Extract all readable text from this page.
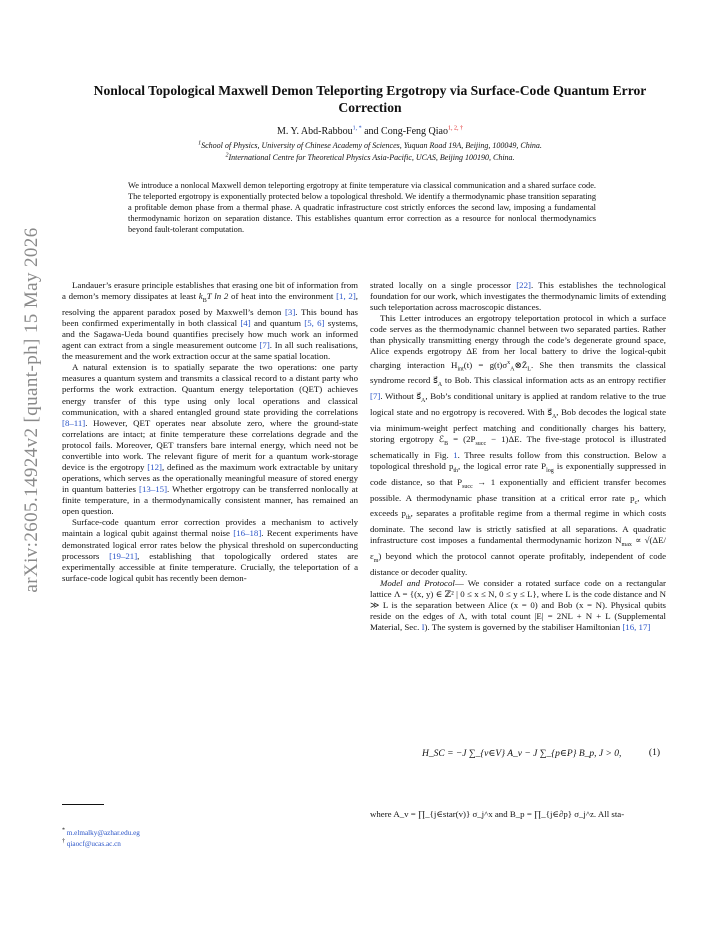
arXiv:2605.14924v2 [quant-ph] 15 May 2026
Nonlocal Topological Maxwell Demon Teleporting Ergotropy via Surface-Code Quantum Error Correction
M. Y. Abd-Rabbou$^{1, *}$ and Cong-Feng Qiao$^{1, 2, \dagger}$
$^1$School of Physics, University of Chinese Academy of Sciences, Yuquan Road 19A, Beijing, 100049, China.
$^2$International Centre for Theoretical Physics Asia-Pacific, UCAS, Beijing 100190, China.
We introduce a nonlocal Maxwell demon teleporting ergotropy at finite temperature via classical communication and a shared surface code. The teleported ergotropy is exponentially protected below a topological threshold. We identify a thermodynamic phase transition separating a profitable demon phase from a thermal phase. A quadratic infrastructure cost strictly enforces the second law, imposing a fundamental thermodynamic horizon on separation distance. This establishes quantum error correction as a resource for nonlocal thermodynamics beyond fault-tolerant computation.

Landauer’s erasure principle establishes that erasing one bit of information from a demon’s memory dissipates at least $k_BT$ ln 2 of heat into the environment [1, 2], resolving the apparent paradox posed by Maxwell’s demon [3]. This bound has been confirmed experimentally in both classical [4] and quantum [5, 6] systems, and the Sagawa-Ueda bound quantifies precisely how much work an informed agent can extract from a single measurement outcome [7]. In all such realisations, the measurement and the work extraction occur at the same spatial location.

A natural extension is to spatially separate the two operations: one party measures a quantum system and transmits a classical record to a distant party who performs the work extraction. Quantum energy teleportation (QET) achieves energy transfer of this type using only local operations and classical communication, with a shared entangled ground state providing the correlations [8–11]. However, QET operates near absolute zero, where the ground-state correlations are intact; at finite temperature these correlations degrade and the protocol fails. Moreover, QET transfers bare internal energy, which need not be convertible into work. The relevant figure of merit for a quantum work-storage device is the ergotropy [12], defined as the maximum work extractable by unitary operations, which serves as the operationally meaningful measure of stored energy in quantum batteries [13–15]. Whether ergotropy can be transferred nonlocally at finite temperature, in a thermodynamically consistent manner, has remained an open question.

Surface-code quantum error correction provides a mechanism to actively maintain a logical qubit against thermal noise [16–18]. Recent experiments have demonstrated logical error rates below the physical threshold on superconducting processors [19–21], establishing that topologically ordered states are experimentally accessible at finite temperature. Crucially, the teleportation of a surface-code logical qubit has recently been demon-

strated locally on a single processor [22]. This establishes the technological foundation for our work, which investigates the thermodynamic limits of extending such teleportation across macroscopic distances.

This Letter introduces an ergotropy teleportation protocol in which a surface code serves as the thermodynamic channel between two separated parties. Rather than physically transmitting energy through the code’s degenerate ground space, Alice expends ergotropy ΔE from her local battery to drive the logical-qubit charging interaction $H_{int}(t)$ = $g(t)\sigma^x_A\otimes Z̄_L$. She then transmits the classical syndrome record $s⃗_A$ to Bob. This classical information acts as an entropy rectifier [7]. Without $s⃗_A$, Bob’s conditional unitary is applied at random relative to the true logical state and no ergotropy is recovered. With $s⃗_A$, Bob decodes the logical state via minimum-weight perfect matching and conditionally charges his battery, storing ergotropy ℰ$_B$ = $(2P_{succ} - 1)\Delta E$. The five-stage protocol is illustrated schematically in Fig. 1. Three results follow from this construction. Below a topological threshold $p_{th}$, the logical error rate $P_{log}$ is exponentially suppressed in code distance, so that $P_{succ} \to 1$ exponentially and efficient transfer becomes possible. A thermodynamic phase transition at a critical error rate $p_c$, which exceeds $p_{th}$, separates a profitable regime from a thermal regime in which costs dominate. The second law is strictly satisfied at all separations. A quadratic infrastructure cost imposes a fundamental thermodynamic horizon $N_{max} \propto √(\Delta E/\varepsilon_m)$ beyond which the protocol cannot operate profitably, independent of code distance or decoder quality.

Model and Protocol— We consider a rotated surface code on a rectangular lattice Λ = {(x, y) ∈ ℤ² | 0 ≤ x ≤ N, 0 ≤ y ≤ L}, where L is the code distance and N ≫ L is the separation between Alice (x = 0) and Bob (x = N). Physical qubits reside on the edges of Λ, with total count |E| = 2NL + N + L (Supplemental Material, Sec. I). The system is governed by the stabiliser Hamiltonian [16, 17]

H_SC = −J ∑_{v∈V} A_v − J ∑_{p∈P} B_p, J > 0,	(1)
where A_v = ∏_{j∈star(v)} σ_j^x and B_p = ∏_{j∈∂p} σ_j^z. All sta-
* m.elmalky@azhar.edu.eg
† qiaocf@ucas.ac.cn
